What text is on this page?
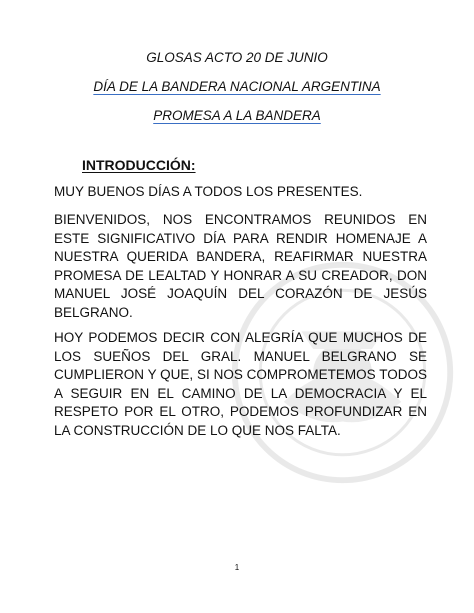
GLOSAS ACTO 20 DE JUNIO
DÍA DE LA BANDERA NACIONAL ARGENTINA
PROMESA A LA BANDERA
INTRODUCCIÓN:
MUY BUENOS DÍAS A TODOS LOS PRESENTES.
BIENVENIDOS, NOS ENCONTRAMOS REUNIDOS EN ESTE SIGNIFICATIVO DÍA PARA RENDIR HOMENAJE A NUESTRA QUERIDA BANDERA, REAFIRMAR NUESTRA PROMESA DE LEALTAD Y HONRAR A SU CREADOR, DON MANUEL JOSÉ JOAQUÍN DEL CORAZÓN DE JESÚS BELGRANO.
HOY PODEMOS DECIR CON ALEGRÍA QUE MUCHOS DE LOS SUEÑOS DEL GRAL. MANUEL BELGRANO SE CUMPLIERON Y QUE, SI NOS COMPROMETEMOS TODOS A SEGUIR EN EL CAMINO DE LA DEMOCRACIA Y EL RESPETO POR EL OTRO, PODEMOS PROFUNDIZAR EN LA CONSTRUCCIÓN DE LO QUE NOS FALTA.
1
